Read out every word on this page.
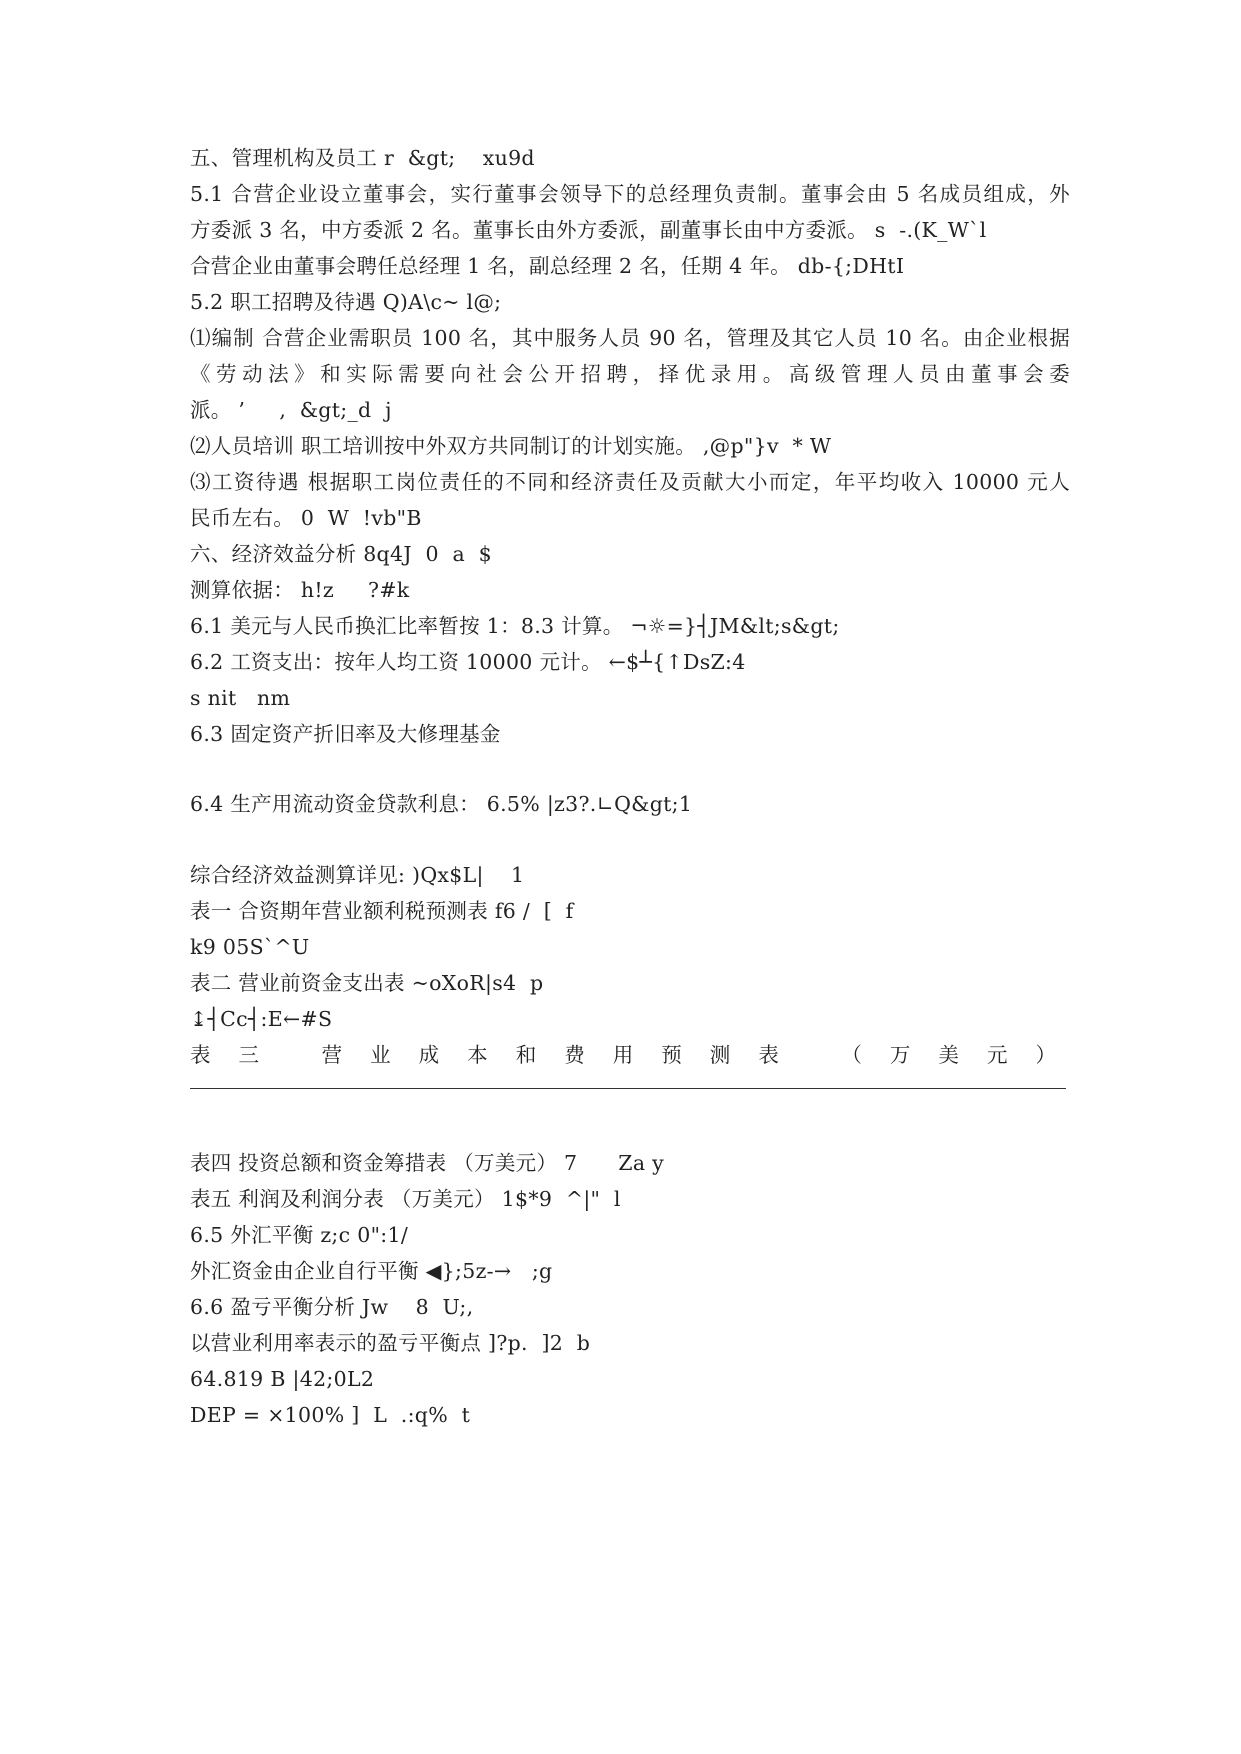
五、管理机构及员工 r  &gt;    xu9d
5.1 合营企业设立董事会，实行董事会领导下的总经理负责制。董事会由 5 名成员组成，外
方委派 3 名，中方委派 2 名。董事长由外方委派，副董事长由中方委派。 s  -.(K_W`l
合营企业由董事会聘任总经理 1 名，副总经理 2 名，任期 4 年。 db-{;DHtI
5.2 职工招聘及待遇 Q)A\c~ l@;
⑴编制 合营企业需职员 100 名，其中服务人员 90 名，管理及其它人员 10 名。由企业根据
《劳动法》和实际需要向社会公开招聘，择优录用。高级管理人员由董事会委
派。 ’     ,  &gt;_d  j
⑵人员培训 职工培训按中外双方共同制订的计划实施。 ,@p"}v  * W
⑶工资待遇 根据职工岗位责任的不同和经济责任及贡献大小而定，年平均收入 10000 元人
民币左右。 0  W  !vb"B
六、经济效益分析 8q4J  0  a  $
测算依据： h!z     ?#k
6.1 美元与人民币换汇比率暂按 1：8.3 计算。 ¬☼=}┤JM&lt;s&gt;
6.2 工资支出：按年人均工资 10000 元计。 ←$┴{↑DsZ:4
s nit   nm
6.3 固定资产折旧率及大修理基金
6.4 生产用流动资金贷款利息： 6.5% |z3?.∟Q&gt;1
综合经济效益测算详见: )Qx$L|    1
表一 合资期年营业额利税预测表 f6 /  [  f
k9 05S`^U
表二 营业前资金支出表 ~oXoR|s4  p
↨┤Cc┤:E←#S
表三 营业成本和费用预测表 （万美元）
表四 投资总额和资金筹措表 （万美元） 7      Za y
表五 利润及利润分表 （万美元） 1$*9  ^|"  l
6.5 外汇平衡 z;c 0":1/
外汇资金由企业自行平衡 ◀};5z-→   ;g
6.6 盈亏平衡分析 Jw    8  U;,
以营业利用率表示的盈亏平衡点 ]?p.  ]2  b
64.819 B |42;0L2
DEP = ×100% ]  L  .:q%  t
